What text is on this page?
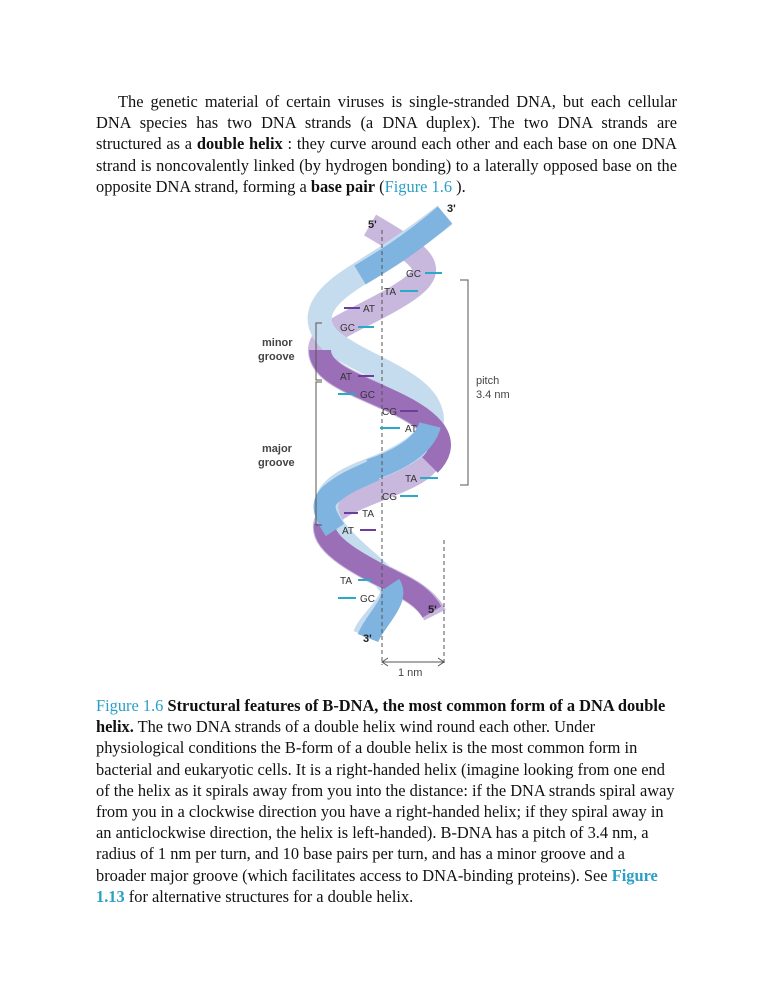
The genetic material of certain viruses is single-stranded DNA, but each cellular DNA species has two DNA strands (a DNA duplex). The two DNA strands are structured as a double helix : they curve around each other and each base on one DNA strand is noncovalently linked (by hydrogen bonding) to a laterally opposed base on the opposite DNA strand, forming a base pair (Figure 1.6 ).

GC
TA
AT
GC
AT
GC
CG
AT
TA
CG
TA
AT
TA
GC
5'
3'
5'
3'
minor
groove
major
groove
pitch
3.4 nm
1 nm

Figure 1.6 Structural features of B-DNA, the most common form of a DNA double helix. The two DNA strands of a double helix wind round each other. Under physiological conditions the B-form of a double helix is the most common form in bacterial and eukaryotic cells. It is a right-handed helix (imagine looking from one end of the helix as it spirals away from you into the distance: if the DNA strands spiral away from you in a clockwise direction you have a right-handed helix; if they spiral away in an anticlockwise direction, the helix is left-handed). B-DNA has a pitch of 3.4 nm, a radius of 1 nm per turn, and 10 base pairs per turn, and has a minor groove and a broader major groove (which facilitates access to DNA-binding proteins). See Figure 1.13 for alternative structures for a double helix.
